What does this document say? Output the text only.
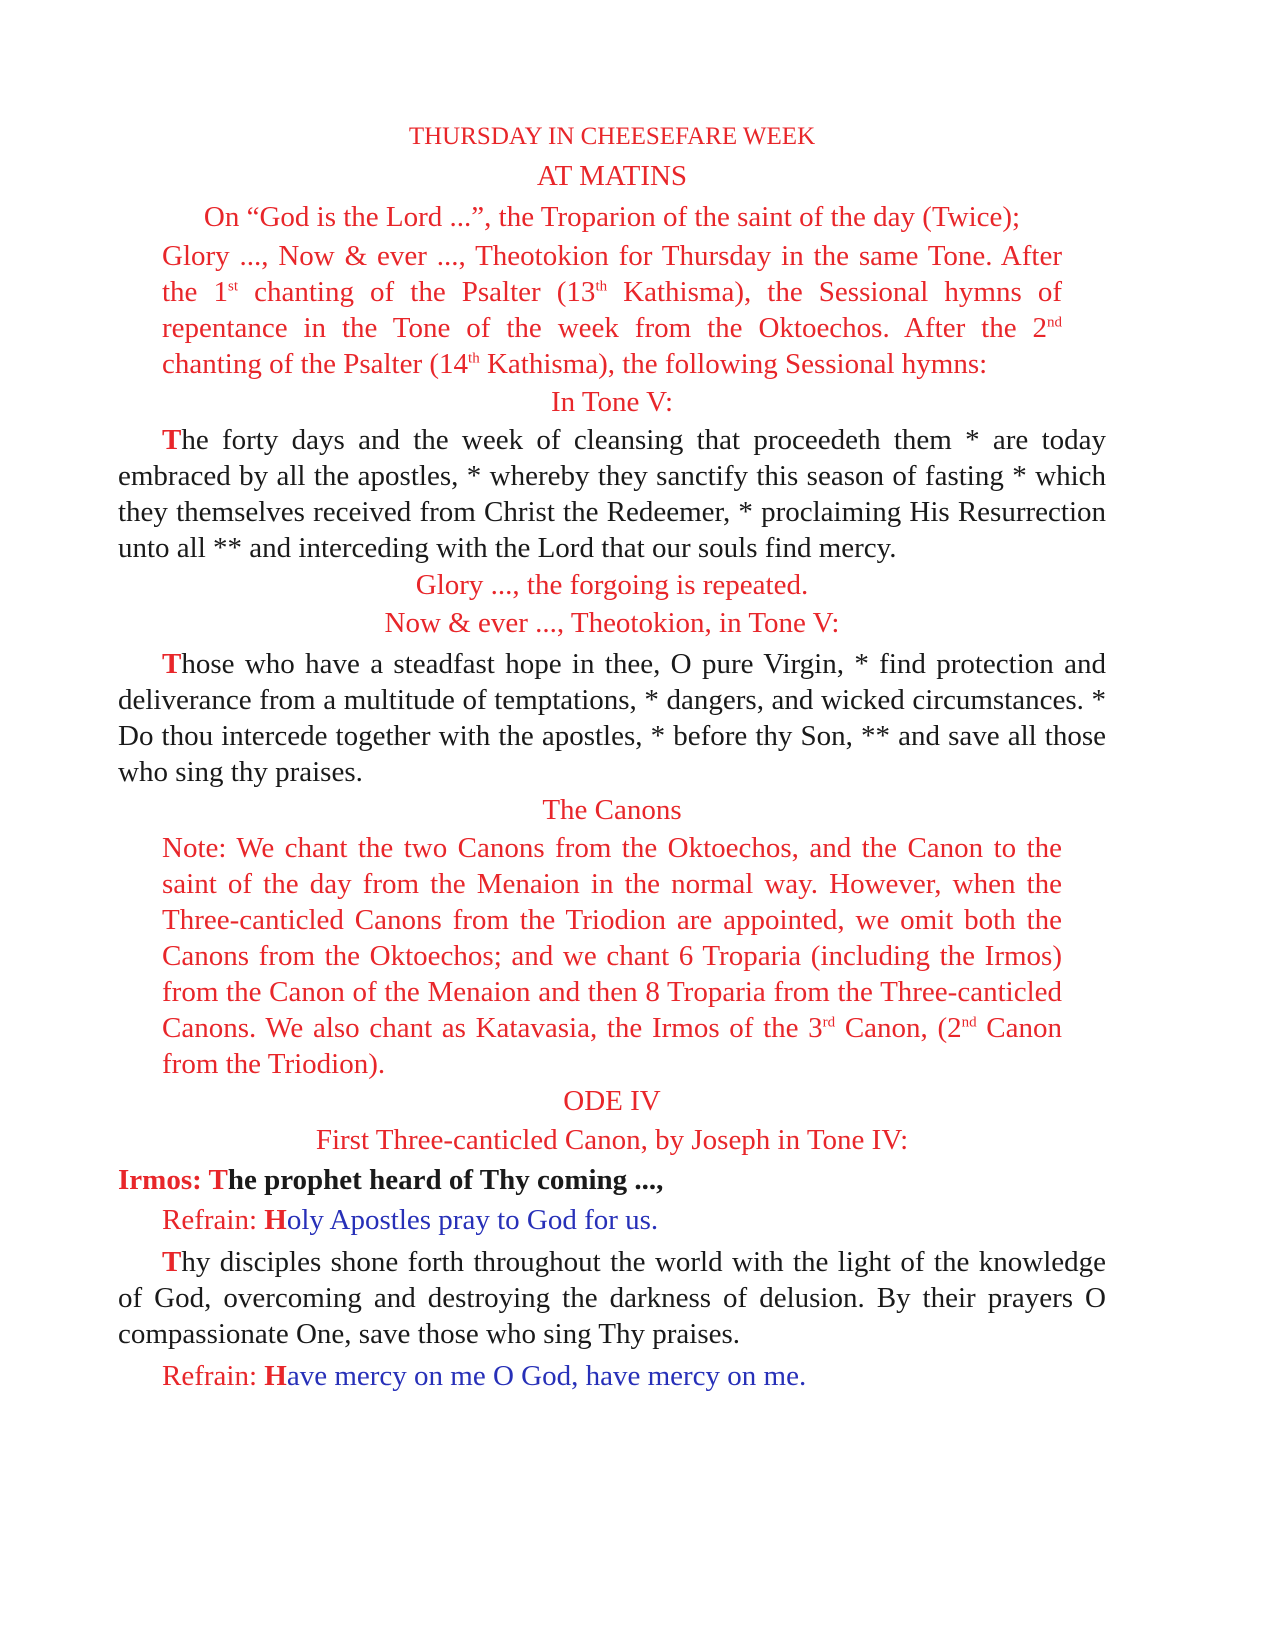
THURSDAY IN CHEESEFARE WEEK
AT MATINS
On “God is the Lord ...”, the Troparion of the saint of the day (Twice);
Glory ..., Now & ever ..., Theotokion for Thursday in the same Tone. After the 1st chanting of the Psalter (13th Kathisma), the Sessional hymns of repentance in the Tone of the week from the Oktoechos. After the 2nd chanting of the Psalter (14th Kathisma), the following Sessional hymns:
In Tone V:
The forty days and the week of cleansing that proceedeth them * are today embraced by all the apostles, * whereby they sanctify this season of fasting * which they themselves received from Christ the Redeemer, * proclaiming His Resurrection unto all ** and interceding with the Lord that our souls find mercy.
Glory ..., the forgoing is repeated.
Now & ever ..., Theotokion, in Tone V:
Those who have a steadfast hope in thee, O pure Virgin, * find protection and deliverance from a multitude of temptations, * dangers, and wicked circumstances. * Do thou intercede together with the apostles, * before thy Son, ** and save all those who sing thy praises.
The Canons
Note: We chant the two Canons from the Oktoechos, and the Canon to the saint of the day from the Menaion in the normal way. However, when the Three-canticled Canons from the Triodion are appointed, we omit both the Canons from the Oktoechos; and we chant 6 Troparia (including the Irmos) from the Canon of the Menaion and then 8 Troparia from the Three-canticled Canons. We also chant as Katavasia, the Irmos of the 3rd Canon, (2nd Canon from the Triodion).
ODE IV
First Three-canticled Canon, by Joseph in Tone IV:
Irmos: The prophet heard of Thy coming ...,
Refrain: Holy Apostles pray to God for us.
Thy disciples shone forth throughout the world with the light of the knowledge of God, overcoming and destroying the darkness of delusion. By their prayers O compassionate One, save those who sing Thy praises.
Refrain: Have mercy on me O God, have mercy on me.
